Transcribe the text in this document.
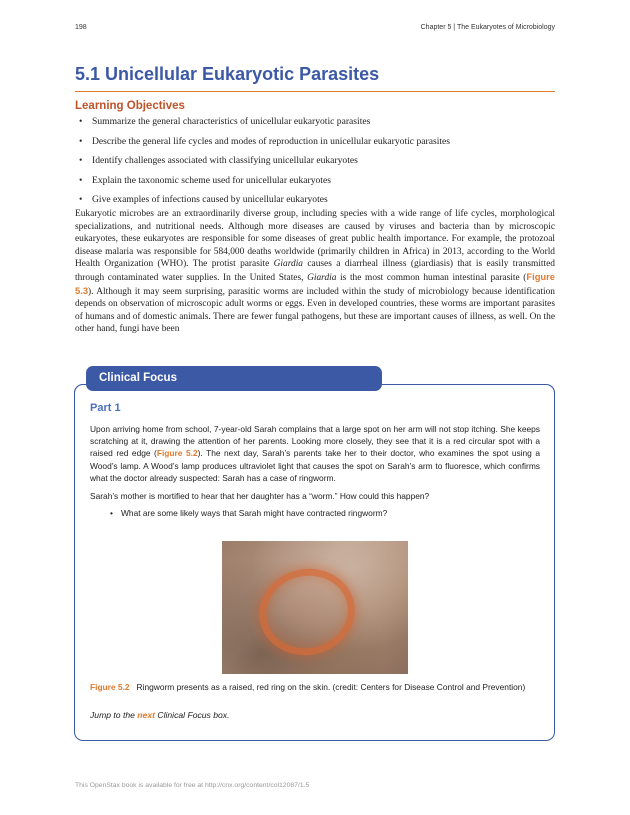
198	Chapter 5 | The Eukaryotes of Microbiology
5.1 Unicellular Eukaryotic Parasites
Learning Objectives
• Summarize the general characteristics of unicellular eukaryotic parasites
• Describe the general life cycles and modes of reproduction in unicellular eukaryotic parasites
• Identify challenges associated with classifying unicellular eukaryotes
• Explain the taxonomic scheme used for unicellular eukaryotes
• Give examples of infections caused by unicellular eukaryotes

Eukaryotic microbes are an extraordinarily diverse group, including species with a wide range of life cycles, morphological specializations, and nutritional needs. Although more diseases are caused by viruses and bacteria than by microscopic eukaryotes, these eukaryotes are responsible for some diseases of great public health importance. For example, the protozoal disease malaria was responsible for 584,000 deaths worldwide (primarily children in Africa) in 2013, according to the World Health Organization (WHO). The protist parasite Giardia causes a diarrheal illness (giardiasis) that is easily transmitted through contaminated water supplies. In the United States, Giardia is the most common human intestinal parasite (Figure 5.3). Although it may seem surprising, parasitic worms are included within the study of microbiology because identification depends on observation of microscopic adult worms or eggs. Even in developed countries, these worms are important parasites of humans and of domestic animals. There are fewer fungal pathogens, but these are important causes of illness, as well. On the other hand, fungi have been

Clinical Focus
Part 1

Upon arriving home from school, 7-year-old Sarah complains that a large spot on her arm will not stop itching. She keeps scratching at it, drawing the attention of her parents. Looking more closely, they see that it is a red circular spot with a raised red edge (Figure 5.2). The next day, Sarah’s parents take her to their doctor, who examines the spot using a Wood’s lamp. A Wood’s lamp produces ultraviolet light that causes the spot on Sarah’s arm to fluoresce, which confirms what the doctor already suspected: Sarah has a case of ringworm.

Sarah’s mother is mortified to hear that her daughter has a “worm.” How could this happen?

• What are some likely ways that Sarah might have contracted ringworm?

Figure 5.2 Ringworm presents as a raised, red ring on the skin. (credit: Centers for Disease Control and Prevention)

Jump to the next Clinical Focus box.

This OpenStax book is available for free at http://cnx.org/content/col12087/1.5
